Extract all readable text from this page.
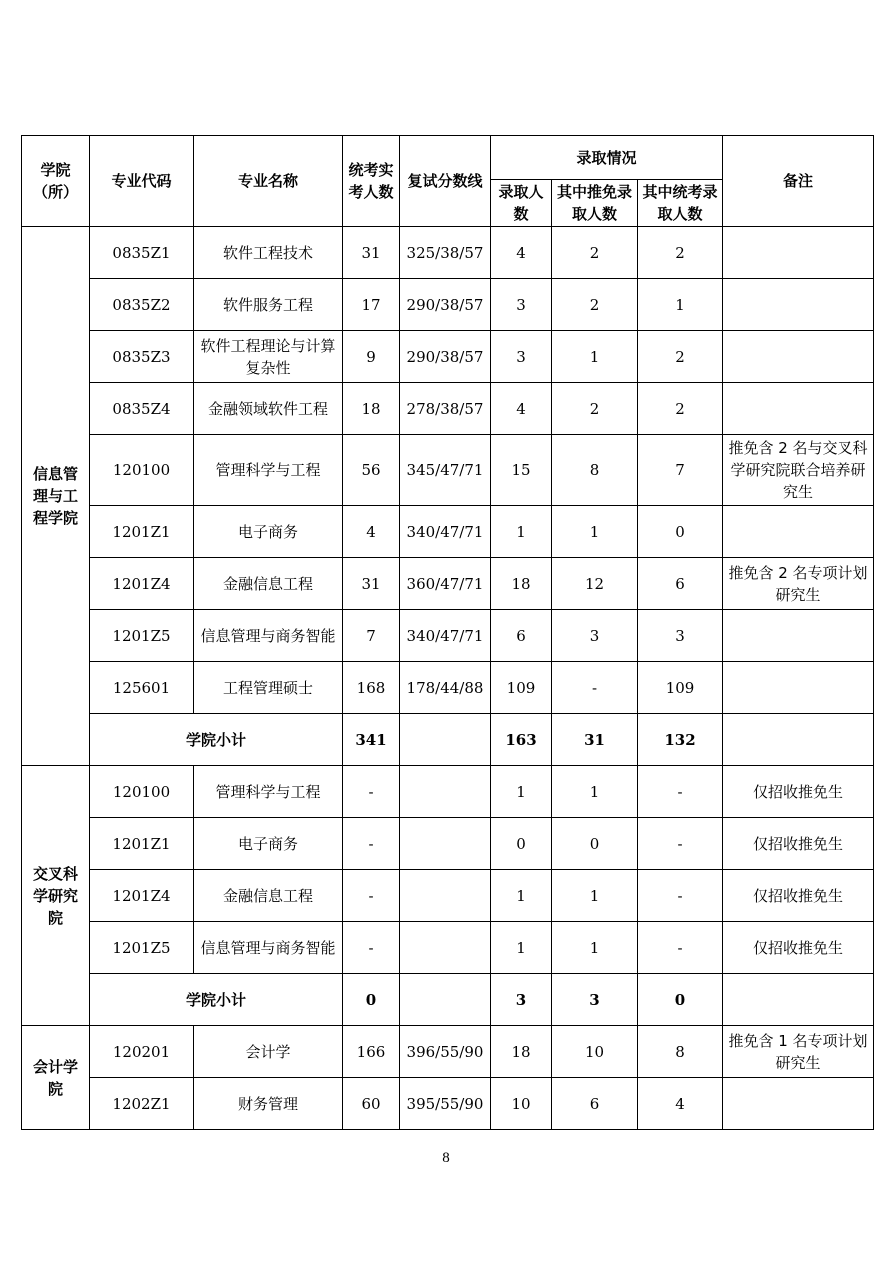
学院（所）	专业代码	专业名称	统考实考人数	复试分数线	录取情况			备注
					录取人数	其中推免录取人数	其中统考录取人数	
信息管理与工程学院	0835Z1	软件工程技术	31	325/38/57	4	2	2	
	0835Z2	软件服务工程	17	290/38/57	3	2	1	
	0835Z3	软件工程理论与计算复杂性	9	290/38/57	3	1	2	
	0835Z4	金融领域软件工程	18	278/38/57	4	2	2	
	120100	管理科学与工程	56	345/47/71	15	8	7	推免含 2 名与交叉科学研究院联合培养研究生
	1201Z1	电子商务	4	340/47/71	1	1	0	
	1201Z4	金融信息工程	31	360/47/71	18	12	6	推免含 2 名专项计划研究生
	1201Z5	信息管理与商务智能	7	340/47/71	6	3	3	
	125601	工程管理硕士	168	178/44/88	109	-	109	
	学院小计		341		163	31	132	
交叉科学研究院	120100	管理科学与工程	-		1	1	-	仅招收推免生
	1201Z1	电子商务	-		0	0	-	仅招收推免生
	1201Z4	金融信息工程	-		1	1	-	仅招收推免生
	1201Z5	信息管理与商务智能	-		1	1	-	仅招收推免生
	学院小计		0		3	3	0	
会计学院	120201	会计学	166	396/55/90	18	10	8	推免含 1 名专项计划研究生
	1202Z1	财务管理	60	395/55/90	10	6	4	
8
